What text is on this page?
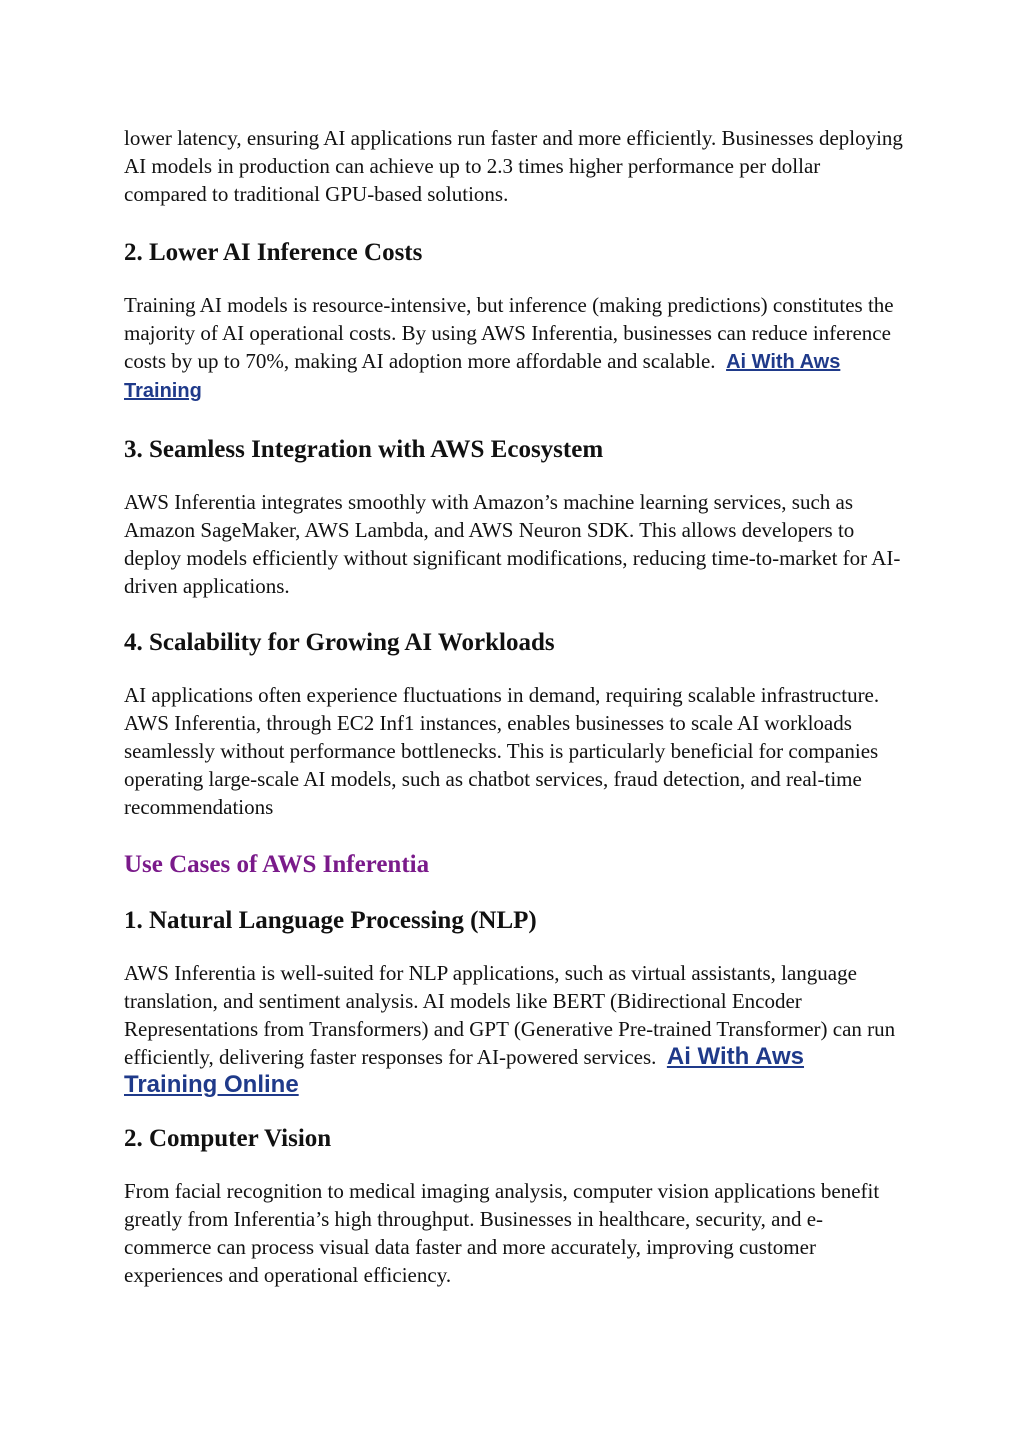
lower latency, ensuring AI applications run faster and more efficiently. Businesses deploying AI models in production can achieve up to 2.3 times higher performance per dollar compared to traditional GPU-based solutions.

2. Lower AI Inference Costs

Training AI models is resource-intensive, but inference (making predictions) constitutes the majority of AI operational costs. By using AWS Inferentia, businesses can reduce inference costs by up to 70%, making AI adoption more affordable and scalable. Ai With Aws Training

3. Seamless Integration with AWS Ecosystem

AWS Inferentia integrates smoothly with Amazon’s machine learning services, such as Amazon SageMaker, AWS Lambda, and AWS Neuron SDK. This allows developers to deploy models efficiently without significant modifications, reducing time-to-market for AI-driven applications.

4. Scalability for Growing AI Workloads

AI applications often experience fluctuations in demand, requiring scalable infrastructure. AWS Inferentia, through EC2 Inf1 instances, enables businesses to scale AI workloads seamlessly without performance bottlenecks. This is particularly beneficial for companies operating large-scale AI models, such as chatbot services, fraud detection, and real-time recommendations

Use Cases of AWS Inferentia
1. Natural Language Processing (NLP)

AWS Inferentia is well-suited for NLP applications, such as virtual assistants, language translation, and sentiment analysis. AI models like BERT (Bidirectional Encoder Representations from Transformers) and GPT (Generative Pre-trained Transformer) can run efficiently, delivering faster responses for AI-powered services. Ai With Aws Training Online

2. Computer Vision

From facial recognition to medical imaging analysis, computer vision applications benefit greatly from Inferentia’s high throughput. Businesses in healthcare, security, and e-commerce can process visual data faster and more accurately, improving customer experiences and operational efficiency.
